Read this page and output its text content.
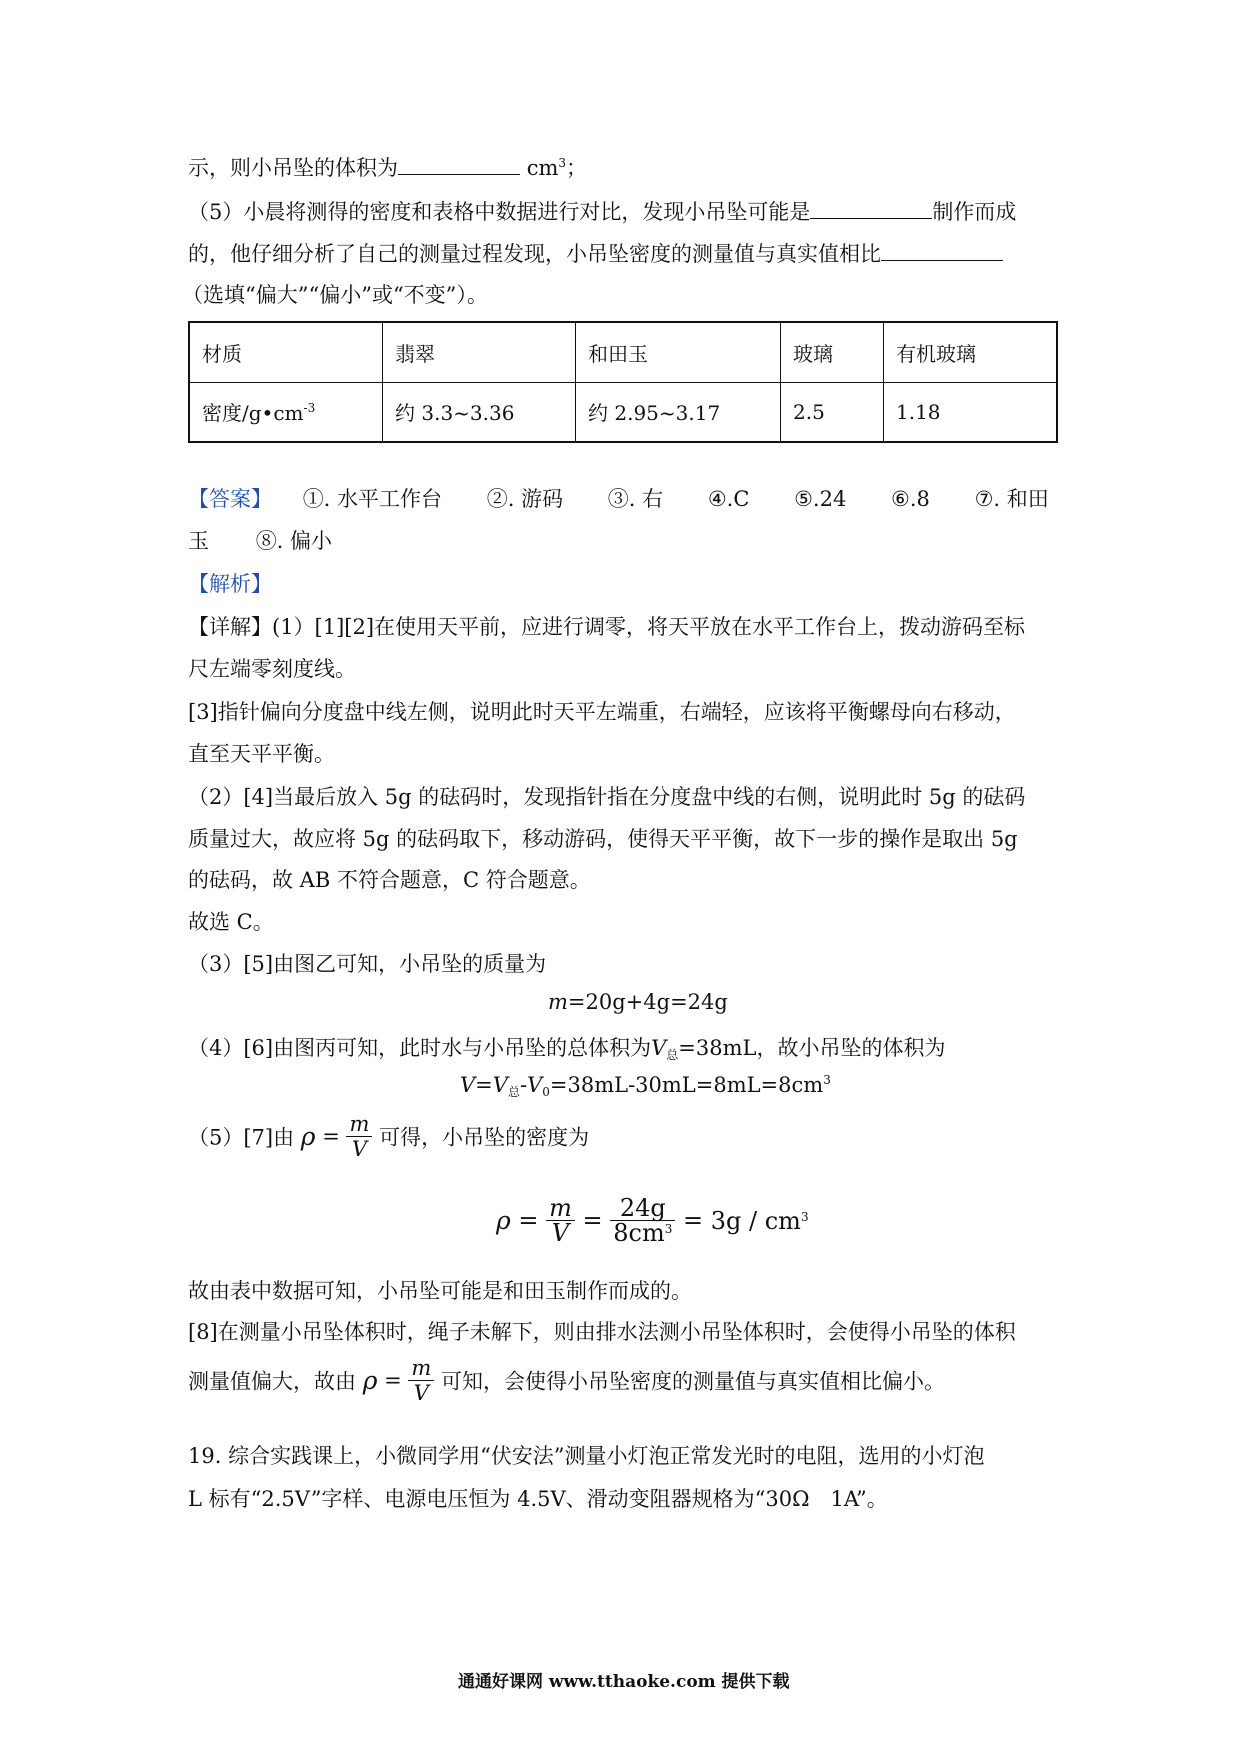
示，则小吊坠的体积为	$cm^3$；
（5）小晨将测得的密度和表格中数据进行对比，发现小吊坠可能是	制作而成
的，他仔细分析了自己的测量过程发现，小吊坠密度的测量值与真实值相比
（选填“偏大”“偏小”或“不变”）。
材质	翡翠	和田玉	玻璃	有机玻璃
密度$/g•cm^{-3}$	约 3.3~3.36	约 2.95~3.17	2.5	1.18
【答案】 ①. 水平工作台 ②. 游码 ③. 右 ④.C ⑤.24 ⑥.8 ⑦. 和田
玉 ⑧. 偏小
【解析】
【详解】(1）[1][2]在使用天平前，应进行调零，将天平放在水平工作台上，拨动游码至标
尺左端零刻度线。
[3]指针偏向分度盘中线左侧，说明此时天平左端重，右端轻，应该将平衡螺母向右移动，
直至天平平衡。
（2）[4]当最后放入 5g 的砝码时，发现指针指在分度盘中线的右侧，说明此时 5g 的砝码
质量过大，故应将 5g 的砝码取下，移动游码，使得天平平衡，故下一步的操作是取出 5g
的砝码，故 AB 不符合题意，C 符合题意。
故选 C。
（3）[5]由图乙可知，小吊坠的质量为
m=20g+4g=24g
（4）[6]由图丙可知，此时水与小吊坠的总体积为$V_总=38mL$，故小吊坠的体积为
$V=V_总-V_0=38mL-30mL=8mL=8cm^3$
（5）[7]由 $\rho = \frac{m}{V}$ 可得，小吊坠的密度为
$\rho = \frac{m}{V} = \frac{24g}{8cm^3} = 3g / cm^3$
故由表中数据可知，小吊坠可能是和田玉制作而成的。
[8]在测量小吊坠体积时，绳子未解下，则由排水法测小吊坠体积时，会使得小吊坠的体积
测量值偏大，故由 $\rho = \frac{m}{V}$ 可知，会使得小吊坠密度的测量值与真实值相比偏小。
19. 综合实践课上，小微同学用“伏安法”测量小灯泡正常发光时的电阻，选用的小灯泡
L 标有“2.5V”字样、电源电压恒为 4.5V、滑动变阻器规格为“30Ω　1A”。
通通好课网 www.tthaoke.com 提供下载
